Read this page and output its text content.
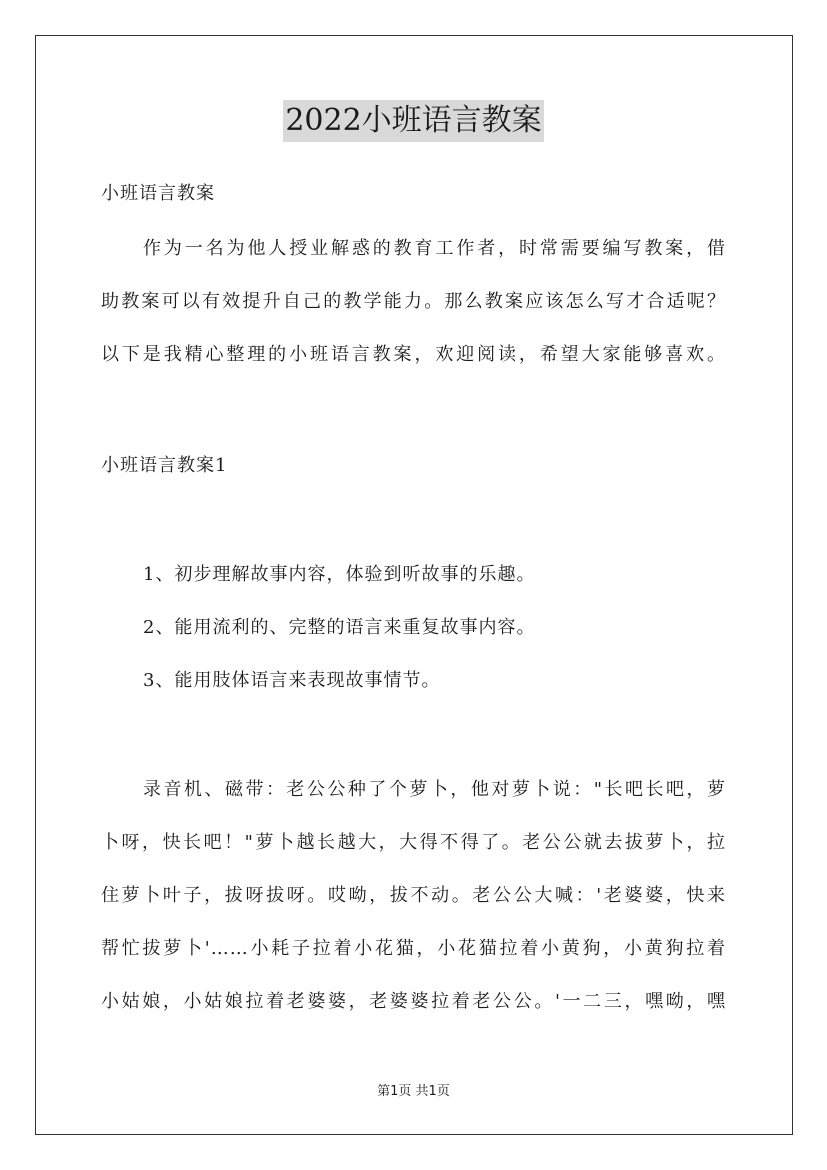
2022小班语言教案
小班语言教案
作为一名为他人授业解惑的教育工作者，时常需要编写教案，借
助教案可以有效提升自己的教学能力。那么教案应该怎么写才合适呢？
以下是我精心整理的小班语言教案，欢迎阅读，希望大家能够喜欢。
小班语言教案1
1、初步理解故事内容，体验到听故事的乐趣。
2、能用流利的、完整的语言来重复故事内容。
3、能用肢体语言来表现故事情节。
录音机、磁带：老公公种了个萝卜，他对萝卜说："长吧长吧，萝
卜呀，快长吧！"萝卜越长越大，大得不得了。老公公就去拔萝卜，拉
住萝卜叶子，拔呀拔呀。哎呦，拔不动。老公公大喊：'老婆婆，快来
帮忙拔萝卜'……小耗子拉着小花猫，小花猫拉着小黄狗，小黄狗拉着
小姑娘，小姑娘拉着老婆婆，老婆婆拉着老公公。'一二三，嘿呦，嘿
第1页 共1页
